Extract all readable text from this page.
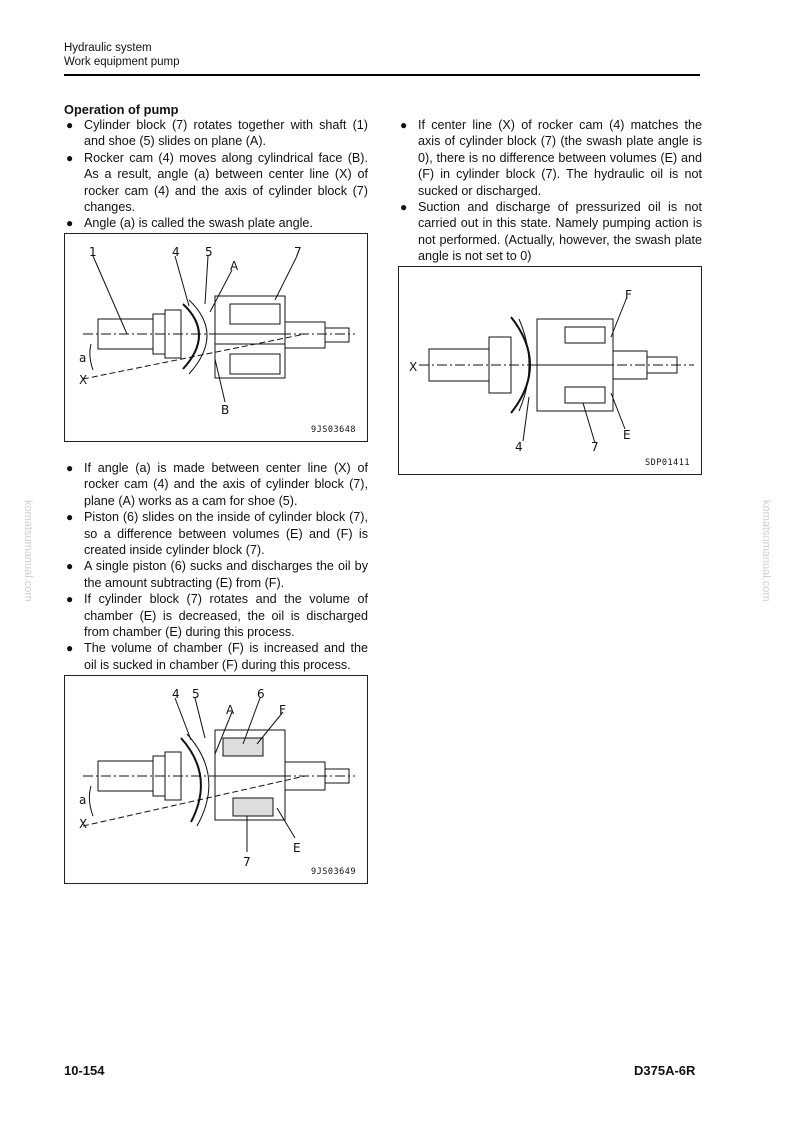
Hydraulic system
Work equipment pump
komatsumanual.com	komatsumanual.com
Operation of pump
● Cylinder block (7) rotates together with shaft (1) and shoe (5) slides on plane (A).
● Rocker cam (4) moves along cylindrical face (B). As a result, angle (a) between center line (X) of rocker cam (4) and the axis of cylinder block (7) changes.
● Angle (a) is called the swash plate angle.
1	4 5	7
A
B
a
X
9JS03648
● If angle (a) is made between center line (X) of rocker cam (4) and the axis of cylinder block (7), plane (A) works as a cam for shoe (5).
● Piston (6) slides on the inside of cylinder block (7), so a difference between volumes (E) and (F) is created inside cylinder block (7).
● A single piston (6) sucks and discharges the oil by the amount subtracting (E) from (F).
● If cylinder block (7) rotates and the volume of chamber (E) is decreased, the oil is discharged from chamber (E) during this process.
● The volume of chamber (F) is increased and the oil is sucked in chamber (F) during this process.
4 5	6
A	F
a
X
7
E
9JS03649
● If center line (X) of rocker cam (4) matches the axis of cylinder block (7) (the swash plate angle is 0), there is no difference between volumes (E) and (F) in cylinder block (7). The hydraulic oil is not sucked or discharged.
● Suction and discharge of pressurized oil is not carried out in this state. Namely pumping action is not performed. (Actually, however, the swash plate angle is not set to 0)
F
X
4	7
E
SDP01411
10-154	D375A-6R
